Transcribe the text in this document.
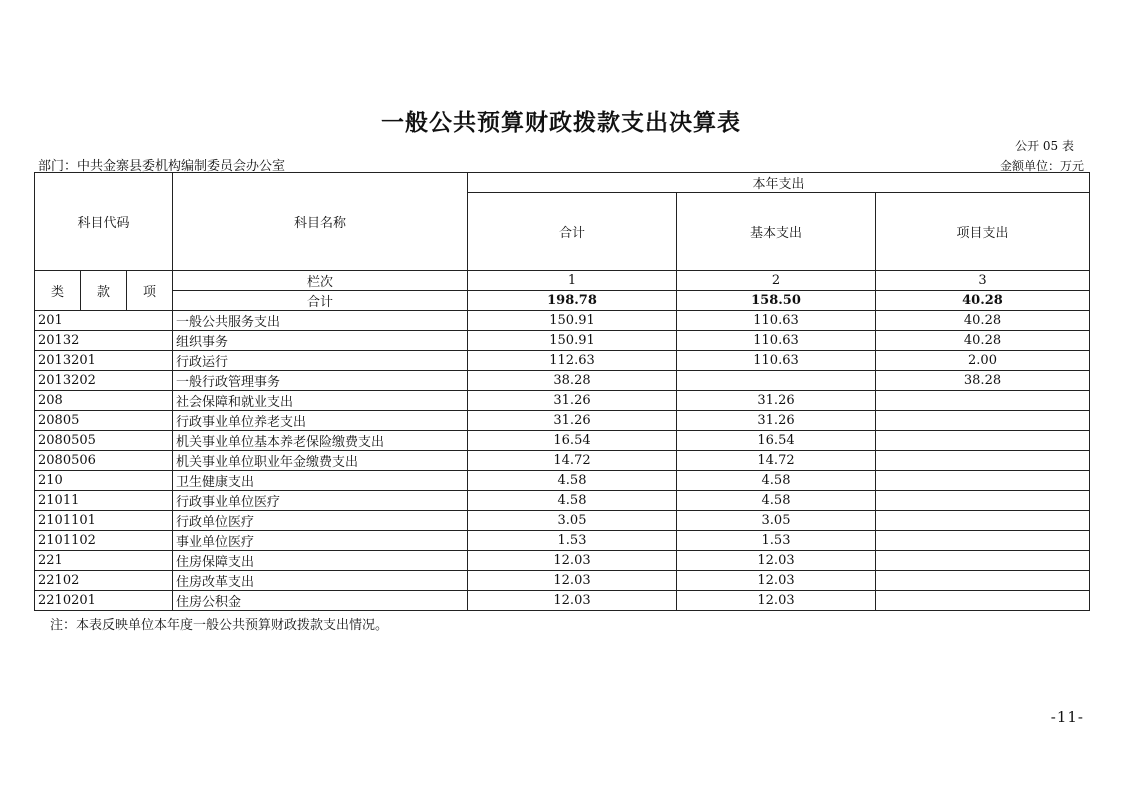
一般公共预算财政拨款支出决算表
公开 05 表
部门：中共金寨县委机构编制委员会办公室	金额单位：万元
科目代码			科目名称	本年支出		
				合计	基本支出	项目支出
类	款	项	栏次	1	2	3
			合计	198.78	158.50	40.28
201			一般公共服务支出	150.91	110.63	40.28
20132			组织事务	150.91	110.63	40.28
2013201			行政运行	112.63	110.63	2.00
2013202			一般行政管理事务	38.28		38.28
208			社会保障和就业支出	31.26	31.26	
20805			行政事业单位养老支出	31.26	31.26	
2080505			机关事业单位基本养老保险缴费支出	16.54	16.54	
2080506			机关事业单位职业年金缴费支出	14.72	14.72	
210			卫生健康支出	4.58	4.58	
21011			行政事业单位医疗	4.58	4.58	
2101101			行政单位医疗	3.05	3.05	
2101102			事业单位医疗	1.53	1.53	
221			住房保障支出	12.03	12.03	
22102			住房改革支出	12.03	12.03	
2210201			住房公积金	12.03	12.03	
注：本表反映单位本年度一般公共预算财政拨款支出情况。
-11-
